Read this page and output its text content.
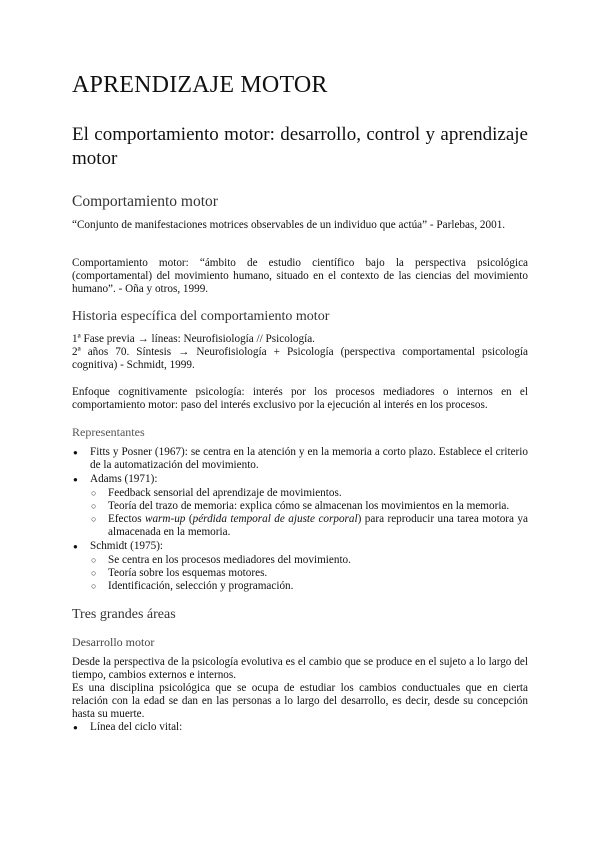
APRENDIZAJE MOTOR
El comportamiento motor: desarrollo, control y aprendizaje motor
Comportamiento motor

“Conjunto de manifestaciones motrices observables de un individuo que actúa” - Parlebas, 2001.

Comportamiento motor: “ámbito de estudio científico bajo la perspectiva psicológica (comportamental) del movimiento humano, situado en el contexto de las ciencias del movimiento humano”. - Oña y otros, 1999.

Historia específica del comportamiento motor

1ª Fase previa → líneas: Neurofisiología // Psicología.

2ª años 70. Síntesis → Neurofisiología + Psicología (perspectiva comportamental psicología cognitiva) - Schmidt, 1999.

Enfoque cognitivamente psicología: interés por los procesos mediadores o internos en el comportamiento motor: paso del interés exclusivo por la ejecución al interés en los procesos.

Representantes
● Fitts y Posner (1967): se centra en la atención y en la memoria a corto plazo. Establece el criterio de la automatización del movimiento.
● Adams (1971):
○ Feedback sensorial del aprendizaje de movimientos.
○ Teoría del trazo de memoria: explica cómo se almacenan los movimientos en la memoria.
○ Efectos warm-up (pérdida temporal de ajuste corporal) para reproducir una tarea motora ya almacenada en la memoria.
● Schmidt (1975):
○ Se centra en los procesos mediadores del movimiento.
○ Teoría sobre los esquemas motores.
○ Identificación, selección y programación.
Tres grandes áreas
Desarrollo motor

Desde la perspectiva de la psicología evolutiva es el cambio que se produce en el sujeto a lo largo del tiempo, cambios externos e internos.

Es una disciplina psicológica que se ocupa de estudiar los cambios conductuales que en cierta relación con la edad se dan en las personas a lo largo del desarrollo, es decir, desde su concepción hasta su muerte.

● Línea del ciclo vital:
